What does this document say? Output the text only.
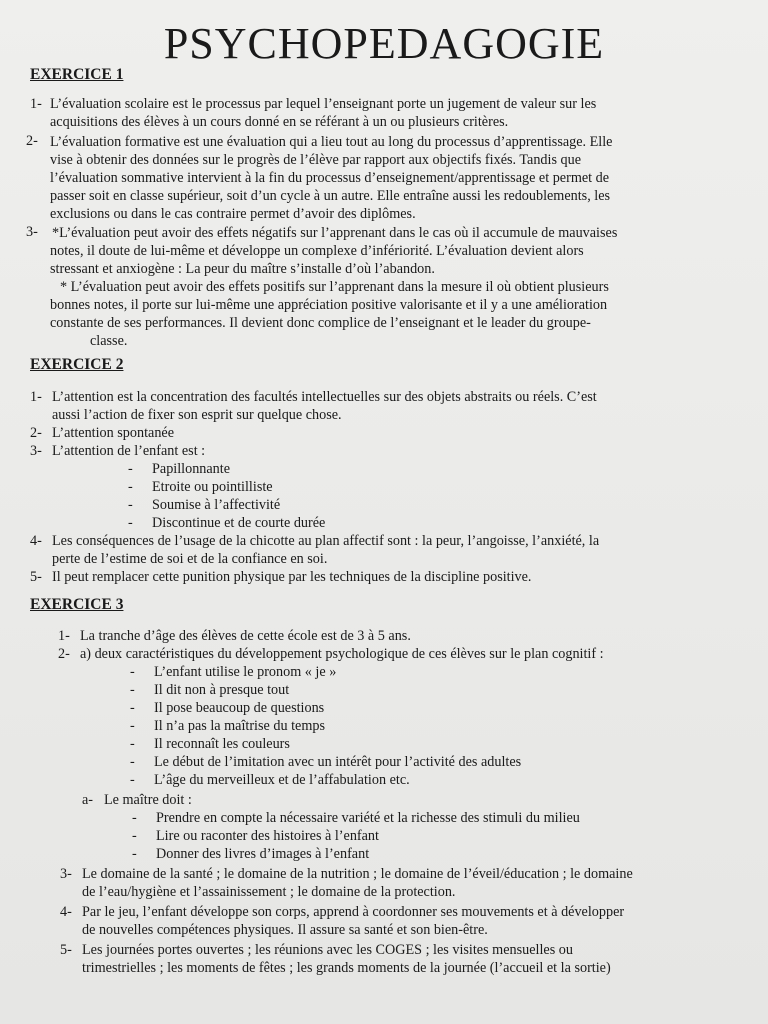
PSYCHOPEDAGOGIE
EXERCICE 1
1- L’évaluation scolaire est le processus par lequel l’enseignant porte un jugement de valeur sur les
acquisitions des élèves à un cours donné en se référant à un ou plusieurs critères.
2- L’évaluation formative est une évaluation qui a lieu tout au long du processus d’apprentissage. Elle
vise à obtenir des données sur le progrès de l’élève par rapport aux objectifs fixés. Tandis que
l’évaluation sommative intervient à la fin du processus d’enseignement/apprentissage et permet de
passer soit en classe supérieur, soit d’un cycle à un autre. Elle entraîne aussi les redoublements, les
exclusions ou dans le cas contraire permet d’avoir des diplômes.
3- *L’évaluation peut avoir des effets négatifs sur l’apprenant dans le cas où il accumule de mauvaises
notes, il doute de lui-même et développe un complexe d’infériorité. L’évaluation devient alors
stressant et anxiogène : La peur du maître s’installe d’où l’abandon.
* L’évaluation peut avoir des effets positifs sur l’apprenant dans la mesure il où obtient plusieurs
bonnes notes, il porte sur lui-même une appréciation positive valorisante et il y a une amélioration
constante de ses performances. Il devient donc complice de l’enseignant et le leader du groupe-
classe.
EXERCICE 2
1- L’attention est la concentration des facultés intellectuelles sur des objets abstraits ou réels. C’est
aussi l’action de fixer son esprit sur quelque chose.
2- L’attention spontanée
3- L’attention de l’enfant est :
- Papillonnante
- Etroite ou pointilliste
- Soumise à l’affectivité
- Discontinue et de courte durée
4- Les conséquences de l’usage de la chicotte au plan affectif sont : la peur, l’angoisse, l’anxiété, la
perte de l’estime de soi et de la confiance en soi.
5- Il peut remplacer cette punition physique par les techniques de la discipline positive.
EXERCICE 3
1- La tranche d’âge des élèves de cette école est de 3 à 5 ans.
2- a) deux caractéristiques du développement psychologique de ces élèves sur le plan cognitif :
- L’enfant utilise le pronom « je »
- Il dit non à presque tout
- Il pose beaucoup de questions
- Il n’a pas la maîtrise du temps
- Il reconnaît les couleurs
- Le début de l’imitation avec un intérêt pour l’activité des adultes
- L’âge du merveilleux et de l’affabulation etc.
a- Le maître doit :
- Prendre en compte la nécessaire variété et la richesse des stimuli du milieu
- Lire ou raconter des histoires à l’enfant
- Donner des livres d’images à l’enfant
3- Le domaine de la santé ; le domaine de la nutrition ; le domaine de l’éveil/éducation ; le domaine
de l’eau/hygiène et l’assainissement ; le domaine de la protection.
4- Par le jeu, l’enfant développe son corps, apprend à coordonner ses mouvements et à développer
de nouvelles compétences physiques. Il assure sa santé et son bien-être.
5- Les journées portes ouvertes ; les réunions avec les COGES ; les visites mensuelles ou
trimestrielles ; les moments de fêtes ; les grands moments de la journée (l’accueil et la sortie)
